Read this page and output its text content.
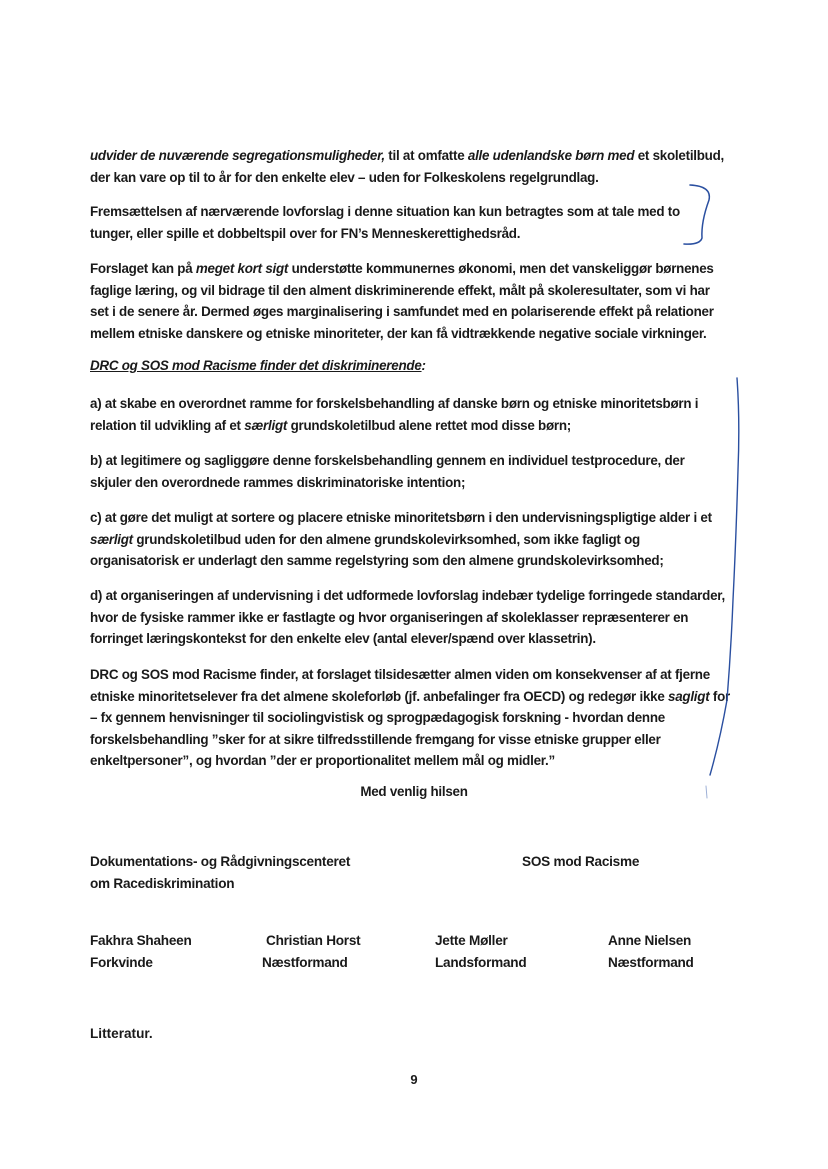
udvider de nuværende segregationsmuligheder, til at omfatte alle udenlandske børn med et skoletilbud, der kan vare op til to år for den enkelte elev – uden for Folkeskolens regelgrundlag.
Fremsættelsen af nærværende lovforslag i denne situation kan kun betragtes som at tale med to tunger, eller spille et dobbeltspil over for FN’s Menneskerettighedsråd.
Forslaget kan på meget kort sigt understøtte kommunernes økonomi, men det vanskeliggør børnenes faglige læring, og vil bidrage til den alment diskriminerende effekt, målt på skoleresultater, som vi har set i de senere år. Dermed øges marginalisering i samfundet med en polariserende effekt på relationer mellem etniske danskere og etniske minoriteter, der kan få vidtrækkende negative sociale virkninger.
DRC og SOS mod Racisme finder det diskriminerende:
a) at skabe en overordnet ramme for forskelsbehandling af danske børn og etniske minoritetsbørn i relation til udvikling af et særligt grundskoletilbud alene rettet mod disse børn;
b) at legitimere og sagliggøre denne forskelsbehandling gennem en individuel testprocedure, der skjuler den overordnede rammes diskriminatoriske intention;
c) at gøre det muligt at sortere og placere etniske minoritetsbørn i den undervisningspligtige alder i et særligt grundskoletilbud uden for den almene grundskolevirksomhed, som ikke fagligt og organisatorisk er underlagt den samme regelstyring som den almene grundskolevirksomhed;
d) at organiseringen af undervisning i det udformede lovforslag indebær tydelige forringede standarder, hvor de fysiske rammer ikke er fastlagte og hvor organiseringen af skoleklasser repræsenterer en forringet læringskontekst for den enkelte elev (antal elever/spænd over klassetrin).
DRC og SOS mod Racisme finder, at forslaget tilsidesætter almen viden om konsekvenser af at fjerne etniske minoritetselever fra det almene skoleforløb (jf. anbefalinger fra OECD) og redegør ikke sagligt for – fx gennem henvisninger til sociolingvistisk og sprogpædagogisk forskning - hvordan denne forskelsbehandling ”sker for at sikre tilfredsstillende fremgang for visse etniske grupper eller enkeltpersoner”, og hvordan ”der er proportionalitet mellem mål og midler.”
Med venlig hilsen
Dokumentations- og Rådgivningscenteret
om Racediskrimination
SOS mod Racisme
Fakhra Shaheen
Forkvinde
Christian Horst
Næstformand
Jette Møller
Landsformand
Anne Nielsen
Næstformand
Litteratur.
9
